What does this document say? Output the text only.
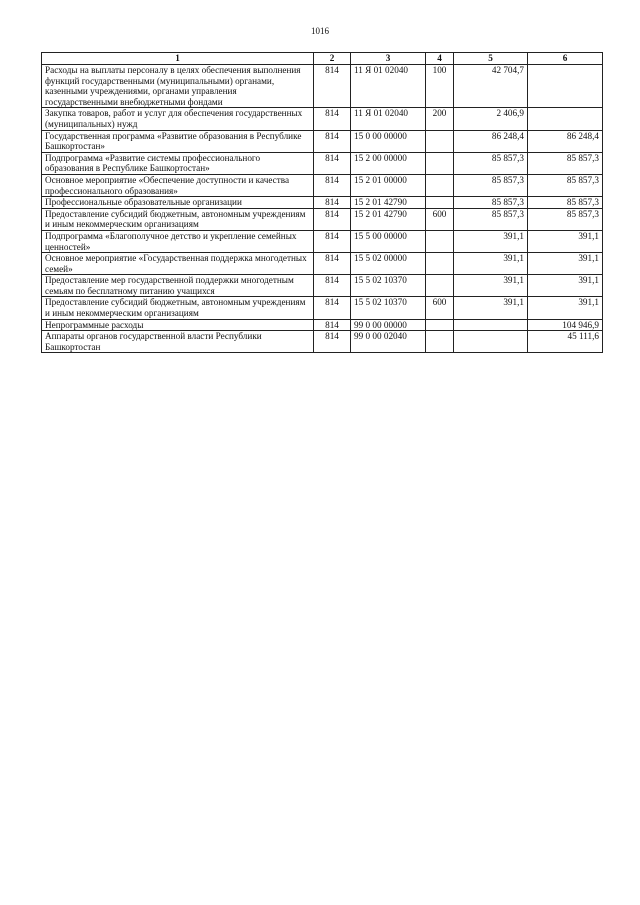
1016
1	2	3	4	5	6
Расходы на выплаты персоналу в целях обеспечения выполнения функций государственными (муниципальными) органами, казенными учреждениями, органами управления государственными внебюджетными фондами	814	11 Я 01 02040	100	42 704,7	
Закупка товаров, работ и услуг для обеспечения государственных (муниципальных) нужд	814	11 Я 01 02040	200	2 406,9	
Государственная программа «Развитие образования в Республике Башкортостан»	814	15 0 00 00000		86 248,4	86 248,4
Подпрограмма «Развитие системы профессионального образования в Республике Башкортостан»	814	15 2 00 00000		85 857,3	85 857,3
Основное мероприятие «Обеспечение доступности и качества профессионального образования»	814	15 2 01 00000		85 857,3	85 857,3
Профессиональные образовательные организации	814	15 2 01 42790		85 857,3	85 857,3
Предоставление субсидий бюджетным, автономным учреждениям и иным некоммерческим организациям	814	15 2 01 42790	600	85 857,3	85 857,3
Подпрограмма «Благополучное детство и укрепление семейных ценностей»	814	15 5 00 00000		391,1	391,1
Основное мероприятие «Государственная поддержка многодетных семей»	814	15 5 02 00000		391,1	391,1
Предоставление мер государственной поддержки многодетным семьям по бесплатному питанию учащихся	814	15 5 02 10370		391,1	391,1
Предоставление субсидий бюджетным, автономным учреждениям и иным некоммерческим организациям	814	15 5 02 10370	600	391,1	391,1
Непрограммные расходы	814	99 0 00 00000			104 946,9
Аппараты органов государственной власти Республики Башкортостан	814	99 0 00 02040			45 111,6
